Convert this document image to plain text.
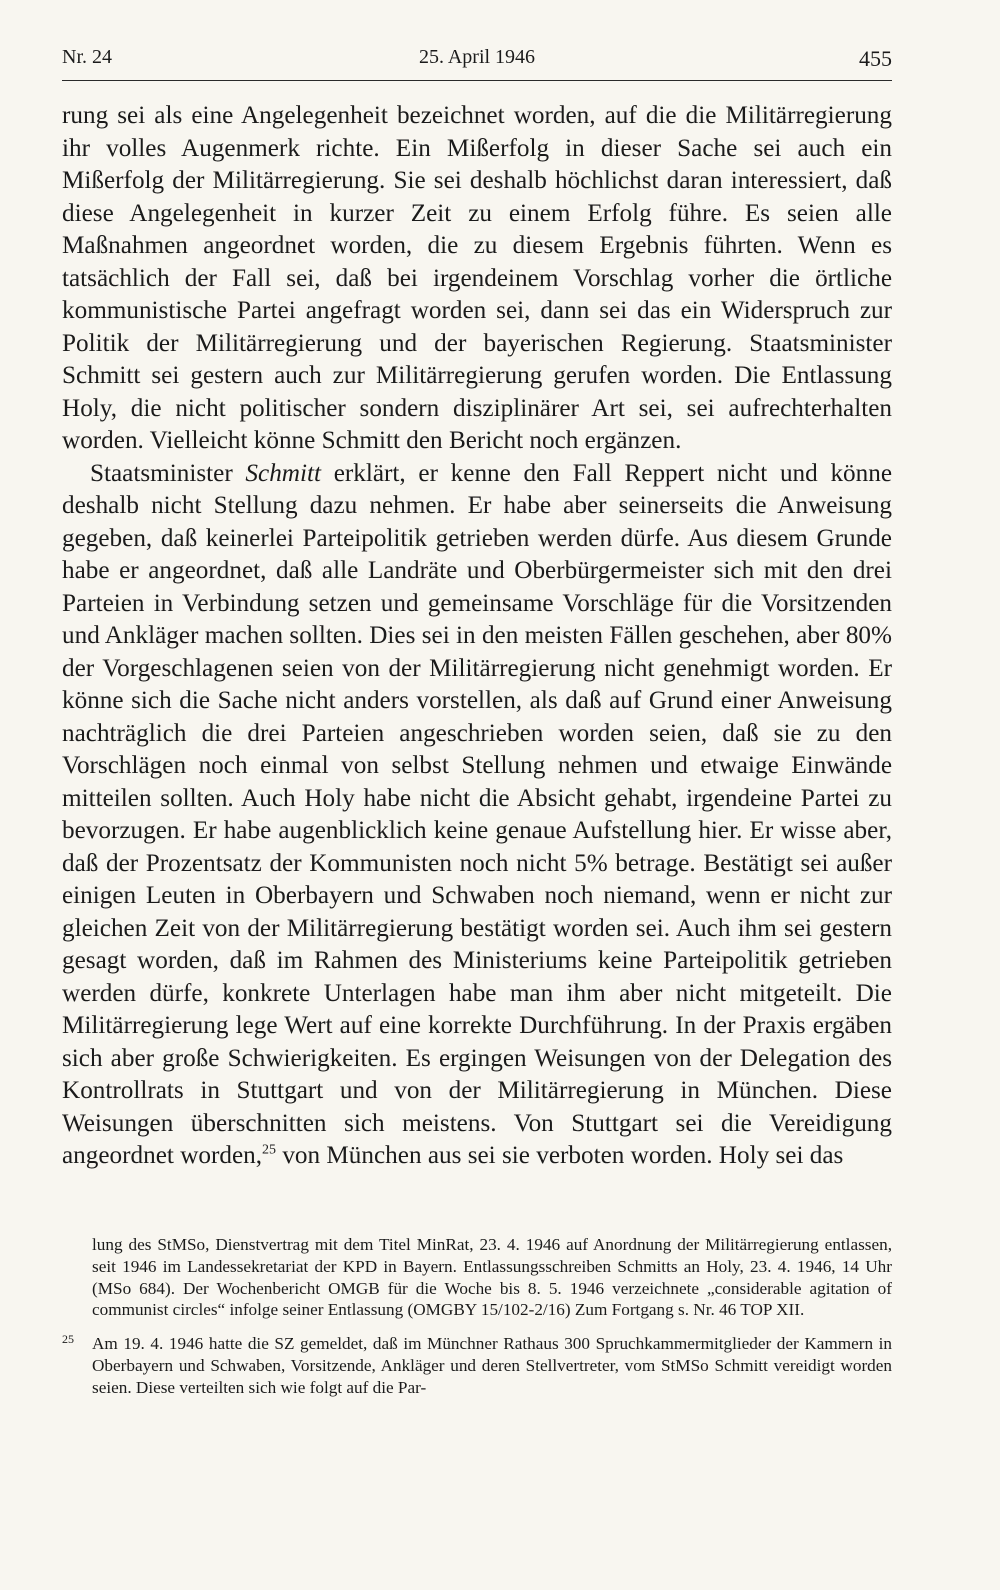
Nr. 24	25. April 1946	455

rung sei als eine Angelegenheit bezeichnet worden, auf die die Militärregierung ihr volles Augenmerk richte. Ein Mißerfolg in dieser Sache sei auch ein Mißerfolg der Militärregierung. Sie sei deshalb höchlichst daran interessiert, daß diese Angelegenheit in kurzer Zeit zu einem Erfolg führe. Es seien alle Maßnahmen angeordnet worden, die zu diesem Ergebnis führten. Wenn es tatsächlich der Fall sei, daß bei irgendeinem Vorschlag vorher die örtliche kommunistische Partei angefragt worden sei, dann sei das ein Widerspruch zur Politik der Militärregierung und der bayerischen Regierung. Staatsminister Schmitt sei gestern auch zur Militärregierung gerufen worden. Die Entlassung Holy, die nicht politischer sondern disziplinärer Art sei, sei aufrechterhalten worden. Vielleicht könne Schmitt den Bericht noch ergänzen.

Staatsminister Schmitt erklärt, er kenne den Fall Reppert nicht und könne deshalb nicht Stellung dazu nehmen. Er habe aber seinerseits die Anweisung gegeben, daß keinerlei Parteipolitik getrieben werden dürfe. Aus diesem Grunde habe er angeordnet, daß alle Landräte und Oberbürgermeister sich mit den drei Parteien in Verbindung setzen und gemeinsame Vorschläge für die Vorsitzenden und Ankläger machen sollten. Dies sei in den meisten Fällen geschehen, aber 80% der Vorgeschlagenen seien von der Militärregierung nicht genehmigt worden. Er könne sich die Sache nicht anders vorstellen, als daß auf Grund einer Anweisung nachträglich die drei Parteien angeschrieben worden seien, daß sie zu den Vorschlägen noch einmal von selbst Stellung nehmen und etwaige Einwände mitteilen sollten. Auch Holy habe nicht die Absicht gehabt, irgendeine Partei zu bevorzugen. Er habe augenblicklich keine genaue Aufstellung hier. Er wisse aber, daß der Prozentsatz der Kommunisten noch nicht 5% betrage. Bestätigt sei außer einigen Leuten in Oberbayern und Schwaben noch niemand, wenn er nicht zur gleichen Zeit von der Militärregierung bestätigt worden sei. Auch ihm sei gestern gesagt worden, daß im Rahmen des Ministeriums keine Parteipolitik getrieben werden dürfe, konkrete Unterlagen habe man ihm aber nicht mitgeteilt. Die Militärregierung lege Wert auf eine korrekte Durchführung. In der Praxis ergäben sich aber große Schwierigkeiten. Es ergingen Weisungen von der Delegation des Kontrollrats in Stuttgart und von der Militärregierung in München. Diese Weisungen überschnitten sich meistens. Von Stuttgart sei die Vereidigung angeordnet worden,$^{25}$ von München aus sei sie verboten worden. Holy sei das

lung des StMSo, Dienstvertrag mit dem Titel MinRat, 23. 4. 1946 auf Anordnung der Militärregierung entlassen, seit 1946 im Landessekretariat der KPD in Bayern. Entlassungsschreiben Schmitts an Holy, 23. 4. 1946, 14 Uhr (MSo 684). Der Wochenbericht OMGB für die Woche bis 8. 5. 1946 verzeichnete „considerable agitation of communist circles“ infolge seiner Entlassung (OMGBY 15/102-2/16) Zum Fortgang s. Nr. 46 TOP XII.

25 Am 19. 4. 1946 hatte die SZ gemeldet, daß im Münchner Rathaus 300 Spruchkammermitglieder der Kammern in Oberbayern und Schwaben, Vorsitzende, Ankläger und deren Stellvertreter, vom StMSo Schmitt vereidigt worden seien. Diese verteilten sich wie folgt auf die Par-
